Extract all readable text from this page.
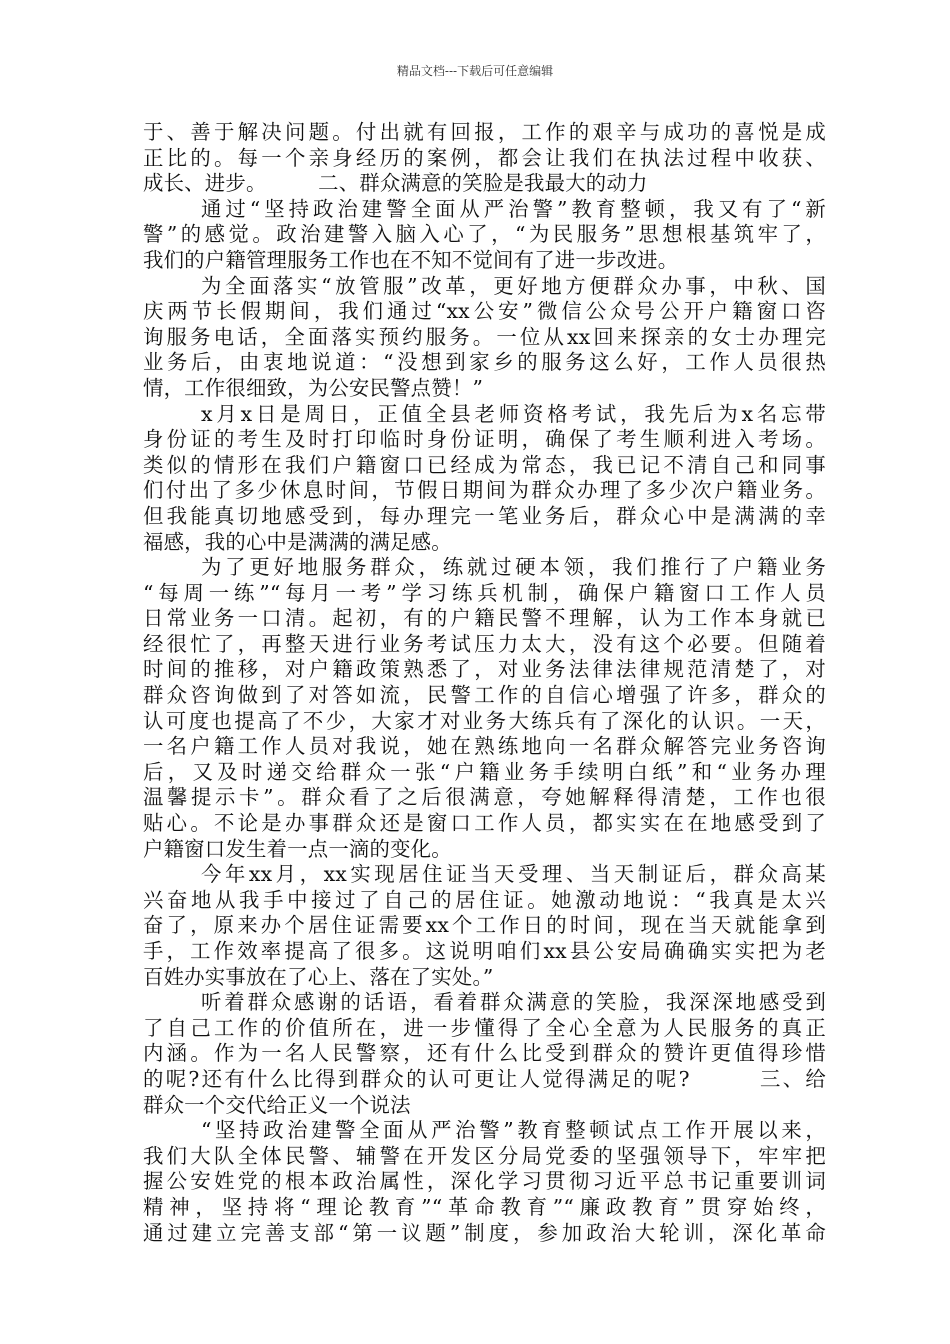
精品文档---下载后可任意编辑
于、善于解决问题。付出就有回报，工作的艰辛与成功的喜悦是成
正比的。每一个亲身经历的案例，都会让我们在执法过程中收获、
成长、进步。　　　二、群众满意的笑脸是我最大的动力
通过“坚持政治建警全面从严治警”教育整顿，我又有了“新
警”的感觉。政治建警入脑入心了，“为民服务”思想根基筑牢了，
我们的户籍管理服务工作也在不知不觉间有了进一步改进。
为全面落实“放管服”改革，更好地方便群众办事，中秋、国
庆两节长假期间，我们通过“xx公安”微信公众号公开户籍窗口咨
询服务电话，全面落实预约服务。一位从xx回来探亲的女士办理完
业务后，由衷地说道：“没想到家乡的服务这么好，工作人员很热
情，工作很细致，为公安民警点赞！”
x月x日是周日，正值全县老师资格考试，我先后为x名忘带
身份证的考生及时打印临时身份证明，确保了考生顺利进入考场。
类似的情形在我们户籍窗口已经成为常态，我已记不清自己和同事
们付出了多少休息时间，节假日期间为群众办理了多少次户籍业务。
但我能真切地感受到，每办理完一笔业务后，群众心中是满满的幸
福感，我的心中是满满的满足感。
为了更好地服务群众，练就过硬本领，我们推行了户籍业务
“每周一练”“每月一考”学习练兵机制，确保户籍窗口工作人员
日常业务一口清。起初，有的户籍民警不理解，认为工作本身就已
经很忙了，再整天进行业务考试压力太大，没有这个必要。但随着
时间的推移，对户籍政策熟悉了，对业务法律法律规范清楚了，对
群众咨询做到了对答如流，民警工作的自信心增强了许多，群众的
认可度也提高了不少，大家才对业务大练兵有了深化的认识。一天，
一名户籍工作人员对我说，她在熟练地向一名群众解答完业务咨询
后，又及时递交给群众一张“户籍业务手续明白纸”和“业务办理
温馨提示卡”。群众看了之后很满意，夸她解释得清楚，工作也很
贴心。不论是办事群众还是窗口工作人员，都实实在在地感受到了
户籍窗口发生着一点一滴的变化。
今年xx月，xx实现居住证当天受理、当天制证后，群众高某
兴奋地从我手中接过了自己的居住证。她激动地说：“我真是太兴
奋了，原来办个居住证需要xx个工作日的时间，现在当天就能拿到
手，工作效率提高了很多。这说明咱们xx县公安局确确实实把为老
百姓办实事放在了心上、落在了实处。”
听着群众感谢的话语，看着群众满意的笑脸，我深深地感受到
了自己工作的价值所在，进一步懂得了全心全意为人民服务的真正
内涵。作为一名人民警察，还有什么比受到群众的赞许更值得珍惜
的呢?还有什么比得到群众的认可更让人觉得满足的呢?　　　三、给
群众一个交代给正义一个说法
“坚持政治建警全面从严治警”教育整顿试点工作开展以来，
我们大队全体民警、辅警在开发区分局党委的坚强领导下，牢牢把
握公安姓党的根本政治属性，深化学习贯彻习近平总书记重要训词
精神，坚持将“理论教育”“革命教育”“廉政教育”贯穿始终，
通过建立完善支部“第一议题”制度，参加政治大轮训，深化革命
